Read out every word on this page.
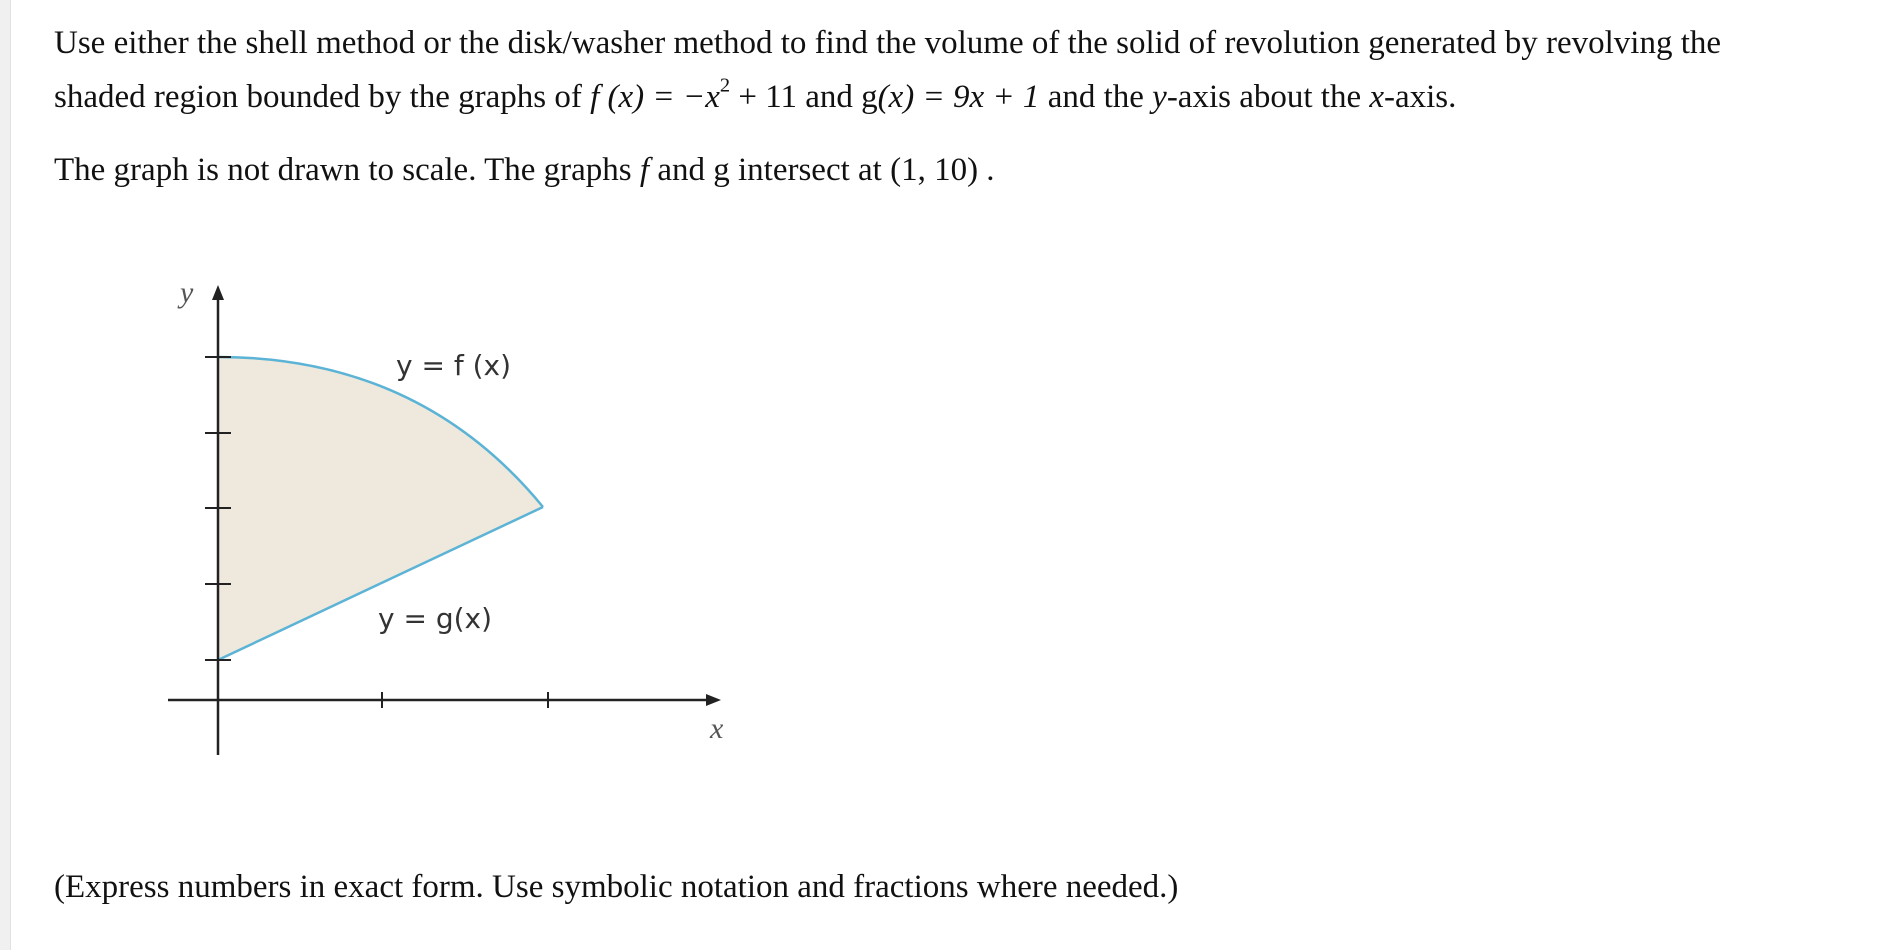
Use either the shell method or the disk/washer method to find the volume of the solid of revolution generated by revolving the
shaded region bounded by the graphs of f $(x) = -x^2 + 11$ and g(x) = 9x + 1 and the y-axis about the x-axis.

The graph is not drawn to scale. The graphs f and g intersect at (1, 10) .

y
x
y = f (x)
y = g(x)

(Express numbers in exact form. Use symbolic notation and fractions where needed.)
